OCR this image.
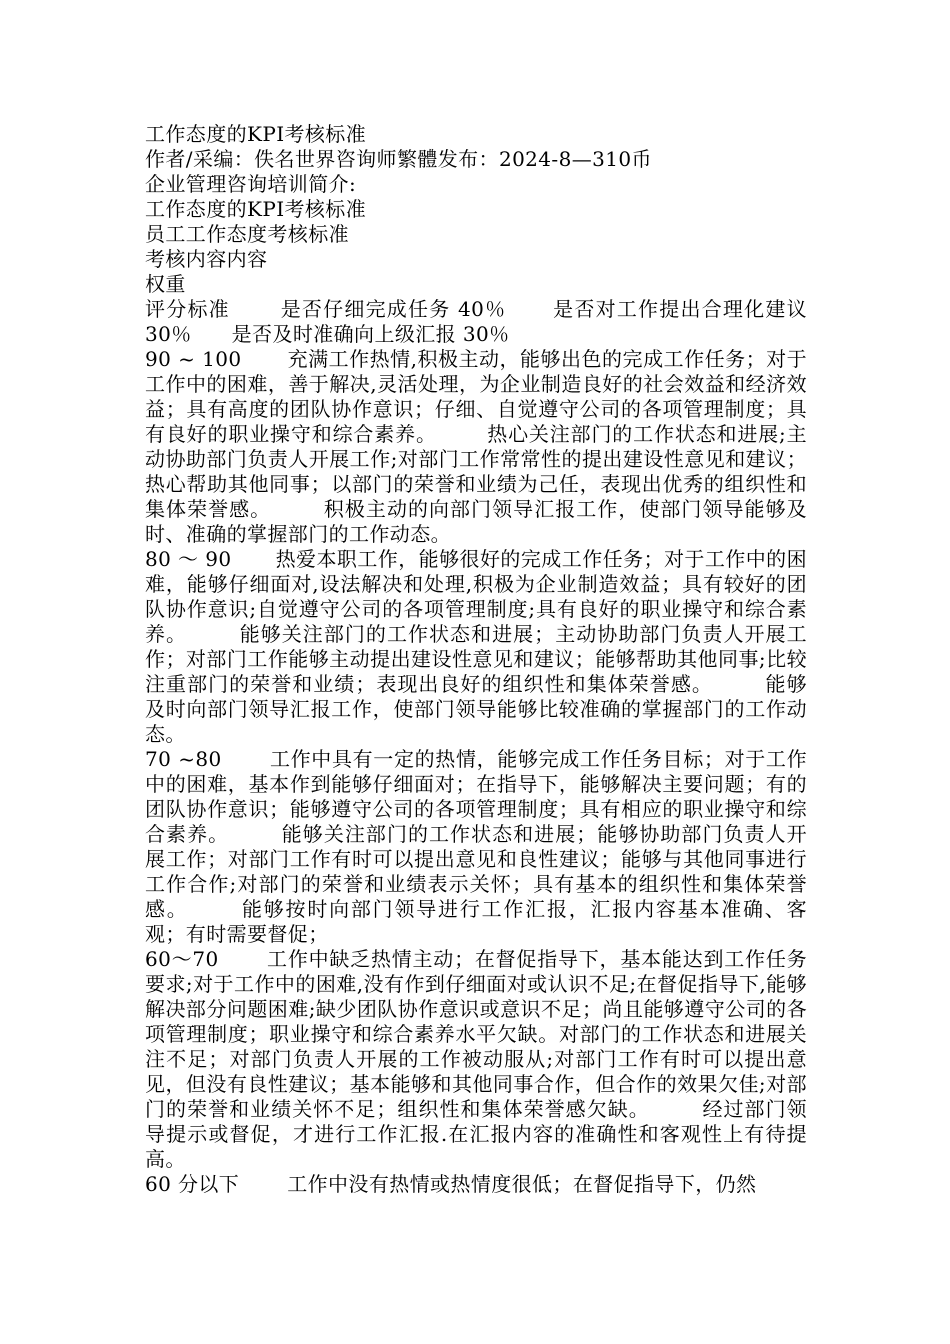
工作态度的KPI考核标准

作者/采编：佚名世界咨询师繁體发布：2024-8—310币

企业管理咨询培训简介:

工作态度的KPI考核标准

员工工作态度考核标准

考核内容内容

权重

评分标准	是否仔细完成任务 40％ 是否对工作提出合理化建议 30％ 是否及时准确向上级汇报 30％

90 ~ 100 充满工作热情,积极主动，能够出色的完成工作任务；对于工作中的困难，善于解决,灵活处理，为企业制造良好的社会效益和经济效益；具有高度的团队协作意识；仔细、自觉遵守公司的各项管理制度；具有良好的职业操守和综合素养。	热心关注部门的工作状态和进展;主动协助部门负责人开展工作;对部门工作常常性的提出建设性意见和建议；热心帮助其他同事；以部门的荣誉和业绩为己任，表现出优秀的组织性和集体荣誉感。	积极主动的向部门领导汇报工作，使部门领导能够及时、准确的掌握部门的工作动态。

80 ～ 90 热爱本职工作，能够很好的完成工作任务；对于工作中的困难，能够仔细面对,设法解决和处理,积极为企业制造效益；具有较好的团队协作意识;自觉遵守公司的各项管理制度;具有良好的职业操守和综合素养。	能够关注部门的工作状态和进展；主动协助部门负责人开展工作；对部门工作能够主动提出建设性意见和建议；能够帮助其他同事;比较注重部门的荣誉和业绩；表现出良好的组织性和集体荣誉感。	能够及时向部门领导汇报工作，使部门领导能够比较准确的掌握部门的工作动态。

70 ~80 工作中具有一定的热情，能够完成工作任务目标；对于工作中的困难，基本作到能够仔细面对；在指导下，能够解决主要问题；有的团队协作意识；能够遵守公司的各项管理制度；具有相应的职业操守和综合素养。	能够关注部门的工作状态和进展；能够协助部门负责人开展工作；对部门工作有时可以提出意见和良性建议；能够与其他同事进行工作合作;对部门的荣誉和业绩表示关怀；具有基本的组织性和集体荣誉感。	能够按时向部门领导进行工作汇报，汇报内容基本准确、客观；有时需要督促；

60～70 工作中缺乏热情主动；在督促指导下，基本能达到工作任务要求;对于工作中的困难,没有作到仔细面对或认识不足;在督促指导下,能够解决部分问题困难;缺少团队协作意识或意识不足；尚且能够遵守公司的各项管理制度；职业操守和综合素养水平欠缺。对部门的工作状态和进展关注不足；对部门负责人开展的工作被动服从;对部门工作有时可以提出意见，但没有良性建议；基本能够和其他同事合作，但合作的效果欠佳;对部门的荣誉和业绩关怀不足；组织性和集体荣誉感欠缺。	经过部门领导提示或督促，才进行工作汇报.在汇报内容的准确性和客观性上有待提高。

60 分以下 工作中没有热情或热情度很低；在督促指导下，仍然
